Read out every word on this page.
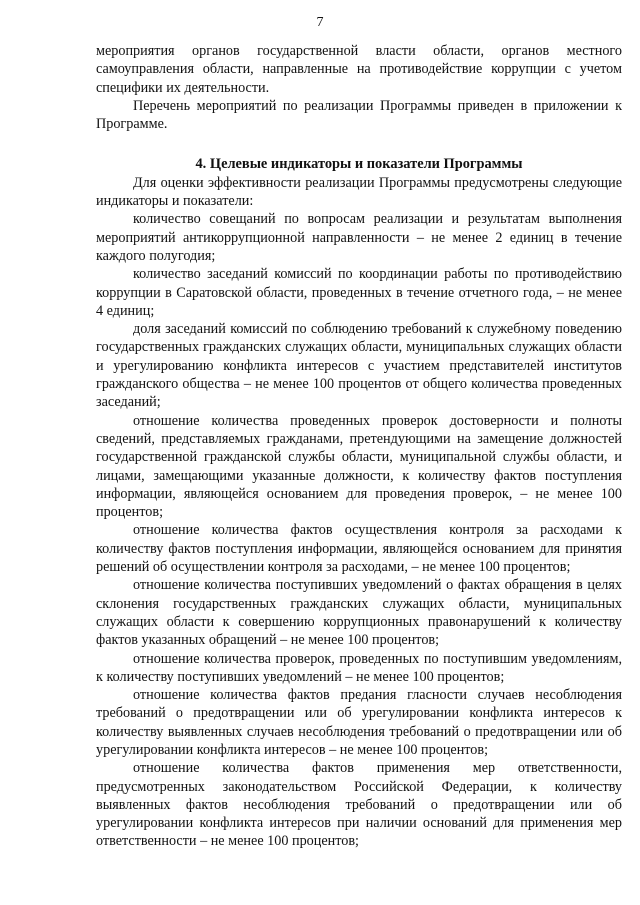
7

мероприятия органов государственной власти области, органов местного самоуправления области, направленные на противодействие коррупции с учетом специфики их деятельности.

Перечень мероприятий по реализации Программы приведен в приложении к Программе.

4. Целевые индикаторы и показатели Программы

Для оценки эффективности реализации Программы предусмотрены следующие индикаторы и показатели:

количество совещаний по вопросам реализации и результатам выполнения мероприятий антикоррупционной направленности – не менее 2 единиц в течение каждого полугодия;

количество заседаний комиссий по координации работы по противодействию коррупции в Саратовской области, проведенных в течение отчетного года, – не менее 4 единиц;

доля заседаний комиссий по соблюдению требований к служебному поведению государственных гражданских служащих области, муниципальных служащих области и урегулированию конфликта интересов с участием представителей институтов гражданского общества – не менее 100 процентов от общего количества проведенных заседаний;

отношение количества проведенных проверок достоверности и полноты сведений, представляемых гражданами, претендующими на замещение должностей государственной гражданской службы области, муниципальной службы области, и лицами, замещающими указанные должности, к количеству фактов поступления информации, являющейся основанием для проведения проверок, – не менее 100 процентов;

отношение количества фактов осуществления контроля за расходами к количеству фактов поступления информации, являющейся основанием для принятия решений об осуществлении контроля за расходами, – не менее 100 процентов;

отношение количества поступивших уведомлений о фактах обращения в целях склонения государственных гражданских служащих области, муниципальных служащих области к совершению коррупционных правонарушений к количеству фактов указанных обращений – не менее 100 процентов;

отношение количества проверок, проведенных по поступившим уведомлениям, к количеству поступивших уведомлений – не менее 100 процентов;

отношение количества фактов предания гласности случаев несоблюдения требований о предотвращении или об урегулировании конфликта интересов к количеству выявленных случаев несоблюдения требований о предотвращении или об урегулировании конфликта интересов – не менее 100 процентов;

отношение количества фактов применения мер ответственности, предусмотренных законодательством Российской Федерации, к количеству выявленных фактов несоблюдения требований о предотвращении или об урегулировании конфликта интересов при наличии оснований для применения мер ответственности – не менее 100 процентов;
